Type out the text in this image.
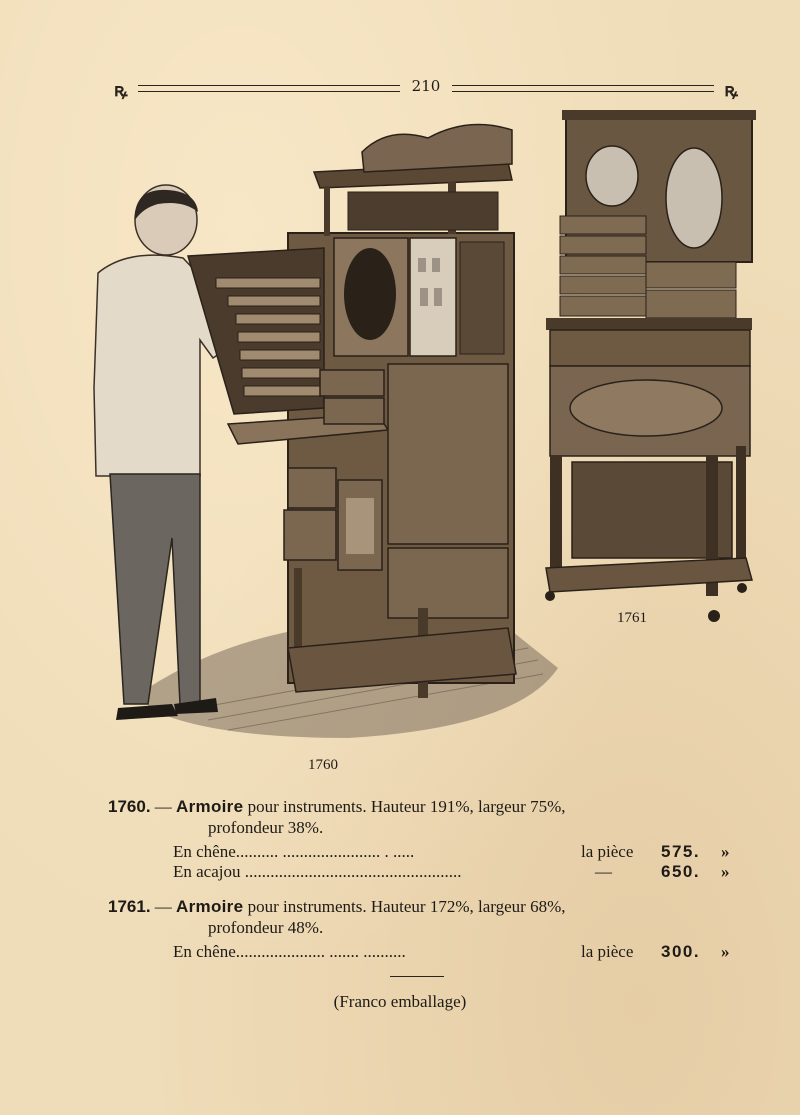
ꝶ	210	ꝶ
1761
1760
1760. — Armoire pour instruments. Hauteur 191%, largeur 75%,
profondeur 38%.
En chêne.......... ....................... . .....	la pièce 575. »
En acajou ...................................................	—	650. »
1761. — Armoire pour instruments. Hauteur 172%, largeur 68%,
profondeur 48%.
En chêne..................... ....... ..........	la pièce 300. »
(Franco emballage)
